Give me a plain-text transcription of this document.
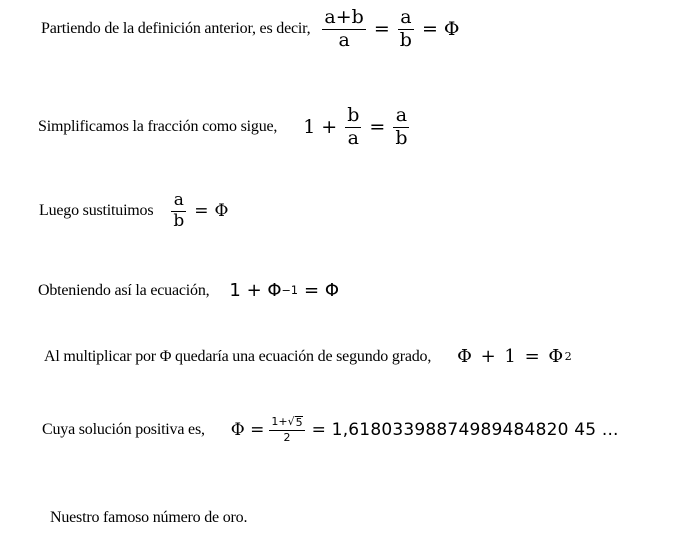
Partiendo de la definición anterior, es decir, $\frac{a+b}{a} = \frac{a}{b} = \Phi$
Simplificamos la fracción como sigue, $1 + \frac{b}{a} = \frac{a}{b}$
Luego sustituimos $\frac{a}{b} = \Phi$
Obteniendo así la ecuación, 1 + Φ −1 = Φ
Al multiplicar por Φ quedaría una ecuación de segundo grado, Φ + 1 = Φ 2
Cuya solución positiva es, $\Phi = \frac{1+ √ 5}{2} = 1,61803398874989484820$ 45 ...
Nuestro famoso número de oro.
